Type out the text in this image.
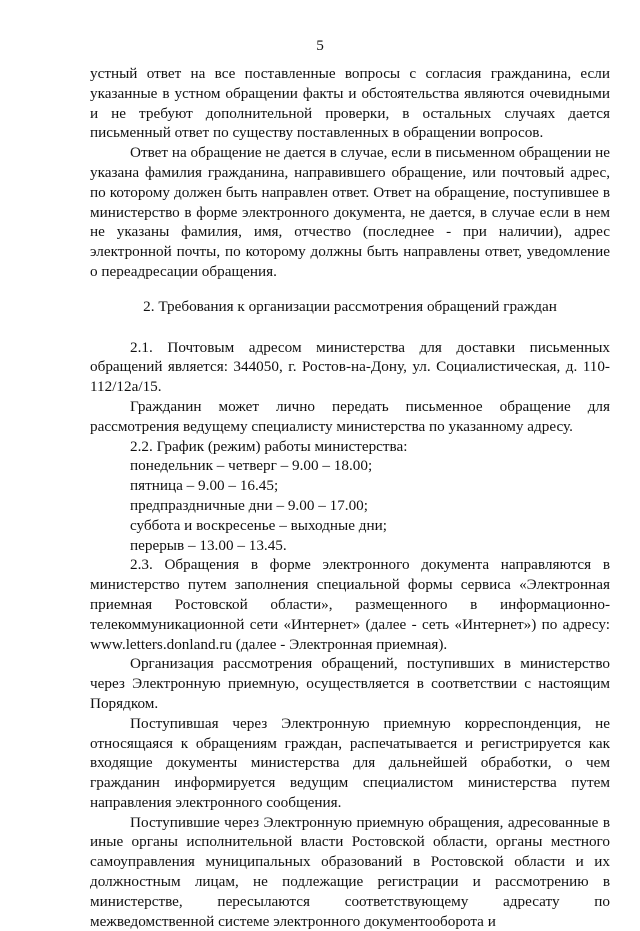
5

устный ответ на все поставленные вопросы с согласия гражданина, если указанные в устном обращении факты и обстоятельства являются очевидными и не требуют дополнительной проверки, в остальных случаях дается письменный ответ по существу поставленных в обращении вопросов.

Ответ на обращение не дается в случае, если в письменном обращении не указана фамилия гражданина, направившего обращение, или почтовый адрес, по которому должен быть направлен ответ. Ответ на обращение, поступившее в министерство в форме электронного документа, не дается, в случае если в нем не указаны фамилия, имя, отчество (последнее - при наличии), адрес электронной почты, по которому должны быть направлены ответ, уведомление о переадресации обращения.

2. Требования к организации рассмотрения обращений граждан

2.1. Почтовым адресом министерства для доставки письменных обращений является: 344050, г. Ростов-на-Дону, ул. Социалистическая, д. 110-112/12а/15.

Гражданин может лично передать письменное обращение для рассмотрения ведущему специалисту министерства по указанному адресу.

2.2. График (режим) работы министерства:

понедельник – четверг – 9.00 – 18.00;
пятница – 9.00 – 16.45;
предпраздничные дни – 9.00 – 17.00;
суббота и воскресенье – выходные дни;
перерыв – 13.00 – 13.45.

2.3. Обращения в форме электронного документа направляются в министерство путем заполнения специальной формы сервиса «Электронная приемная Ростовской области», размещенного в информационно-телекоммуникационной сети «Интернет» (далее - сеть «Интернет») по адресу: www.letters.donland.ru (далее - Электронная приемная).

Организация рассмотрения обращений, поступивших в министерство через Электронную приемную, осуществляется в соответствии с настоящим Порядком.

Поступившая через Электронную приемную корреспонденция, не относящаяся к обращениям граждан, распечатывается и регистрируется как входящие документы министерства для дальнейшей обработки, о чем гражданин информируется ведущим специалистом министерства путем направления электронного сообщения.

Поступившие через Электронную приемную обращения, адресованные в иные органы исполнительной власти Ростовской области, органы местного самоуправления муниципальных образований в Ростовской области и их должностным лицам, не подлежащие регистрации и рассмотрению в министерстве, пересылаются соответствующему адресату по межведомственной системе электронного документооборота и
